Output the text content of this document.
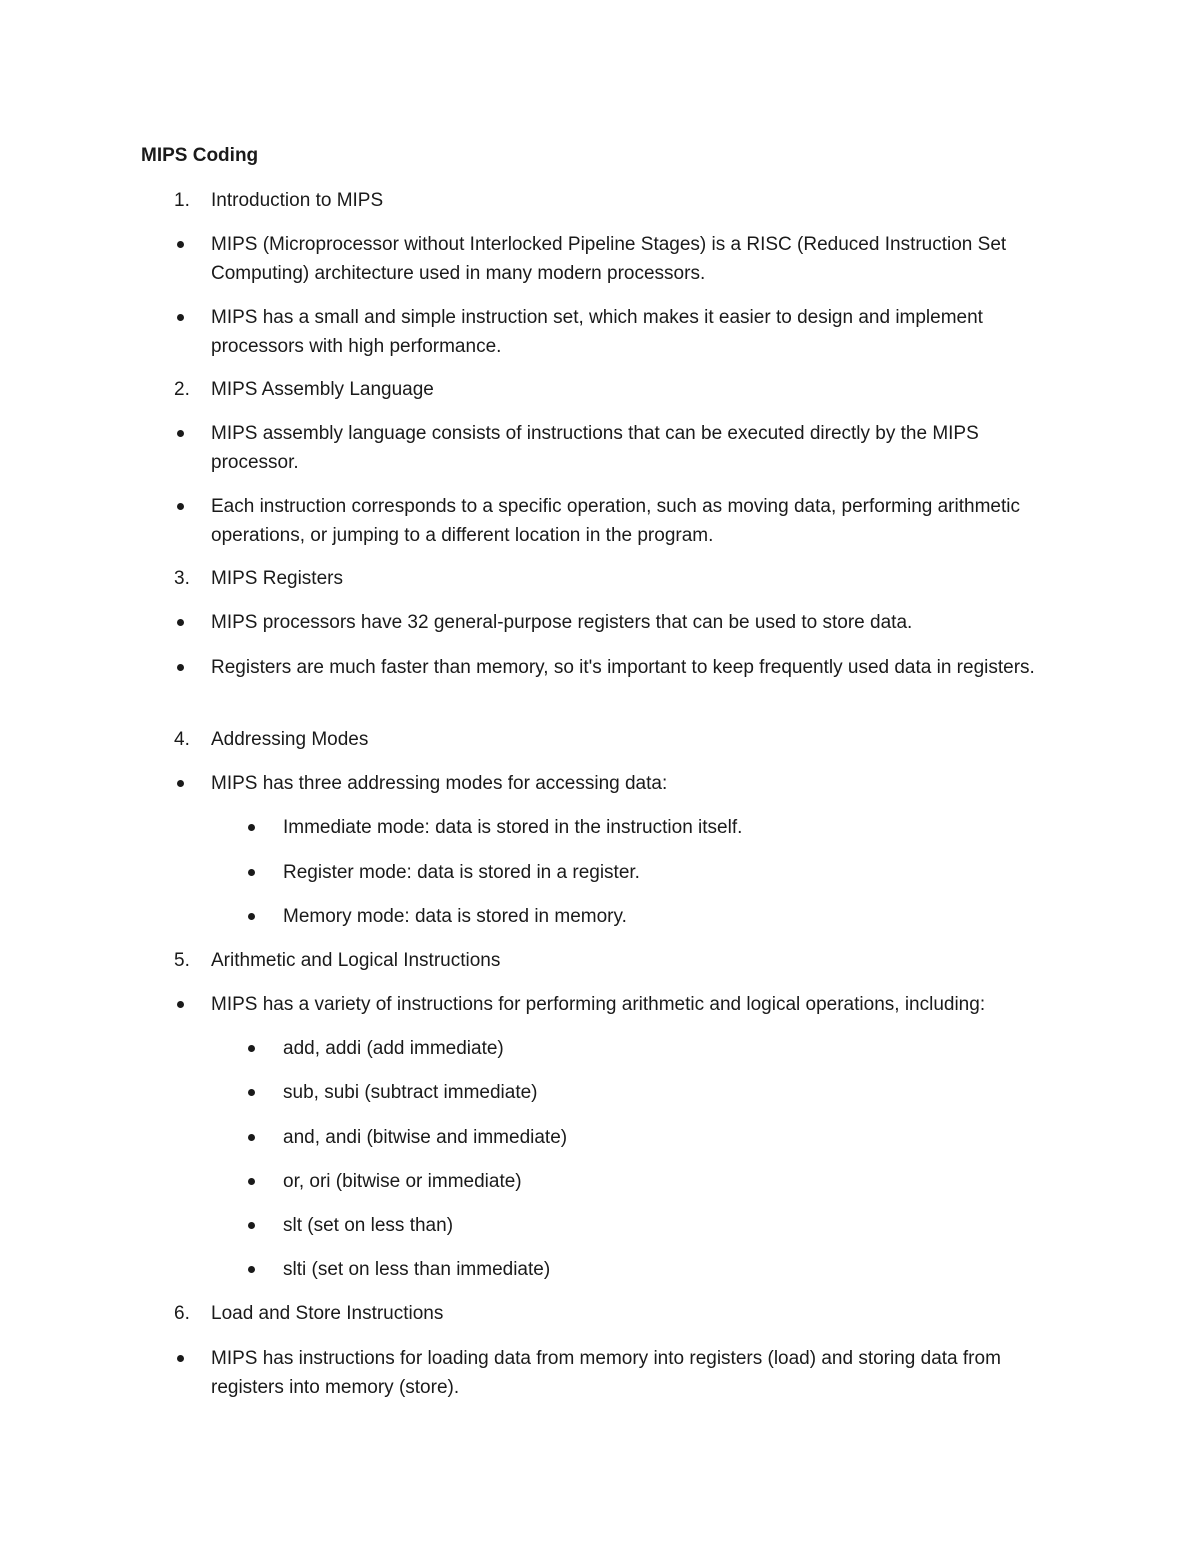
MIPS Coding
1. Introduction to MIPS
MIPS (Microprocessor without Interlocked Pipeline Stages) is a RISC (Reduced Instruction Set Computing) architecture used in many modern processors.
MIPS has a small and simple instruction set, which makes it easier to design and implement processors with high performance.
2. MIPS Assembly Language
MIPS assembly language consists of instructions that can be executed directly by the MIPS processor.
Each instruction corresponds to a specific operation, such as moving data, performing arithmetic operations, or jumping to a different location in the program.
3. MIPS Registers
MIPS processors have 32 general-purpose registers that can be used to store data.
Registers are much faster than memory, so it's important to keep frequently used data in registers.
4. Addressing Modes
MIPS has three addressing modes for accessing data:
Immediate mode: data is stored in the instruction itself.
Register mode: data is stored in a register.
Memory mode: data is stored in memory.
5. Arithmetic and Logical Instructions
MIPS has a variety of instructions for performing arithmetic and logical operations, including:
add, addi (add immediate)
sub, subi (subtract immediate)
and, andi (bitwise and immediate)
or, ori (bitwise or immediate)
slt (set on less than)
slti (set on less than immediate)
6. Load and Store Instructions
MIPS has instructions for loading data from memory into registers (load) and storing data from registers into memory (store).
